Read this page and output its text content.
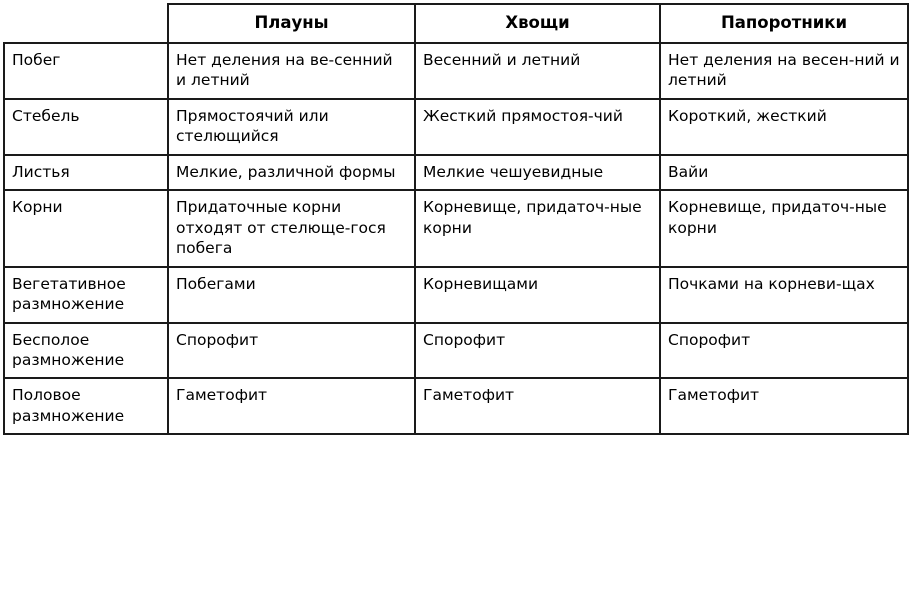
	Плауны	Хвощи	Папоротники
Побег	Нет деления на ве-сенний и летний	Весенний и летний	Нет деления на весен-ний и летний
Стебель	Прямостоячий или стелющийся	Жесткий прямостоя-чий	Короткий, жесткий
Листья	Мелкие, различной формы	Мелкие чешуевидные	Вайи
Корни	Придаточные корни отходят от стелюще-гося побега	Корневище, придаточ-ные корни	Корневище, придаточ-ные корни
Вегетативное размножение	Побегами	Корневищами	Почками на корневи-щах
Бесполое размножение	Спорофит	Спорофит	Спорофит
Половое размножение	Гаметофит	Гаметофит	Гаметофит
